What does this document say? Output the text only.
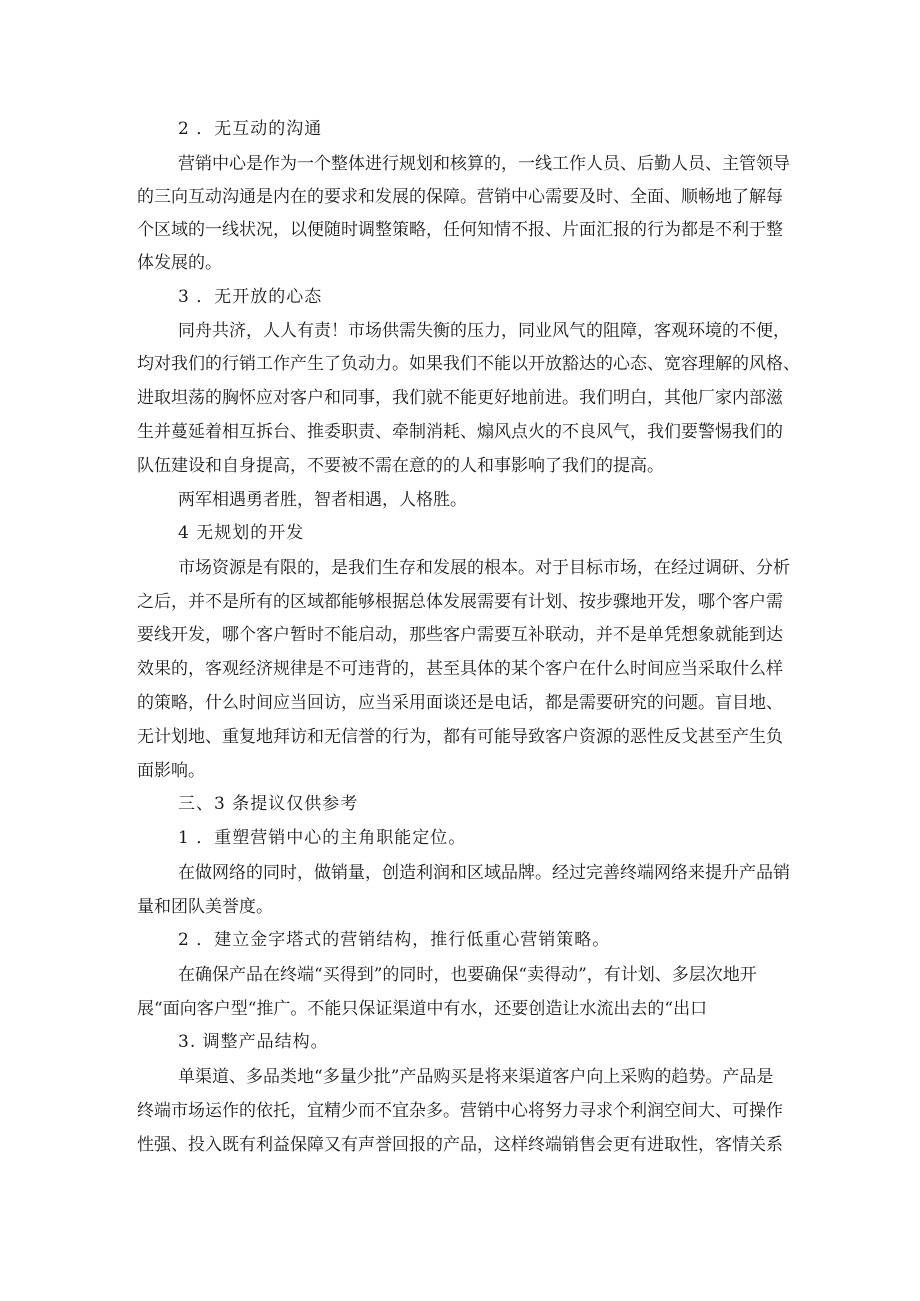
2 ．无互动的沟通
营销中心是作为一个整体进行规划和核算的，一线工作人员、后勤人员、主管领导
的三向互动沟通是内在的要求和发展的保障。营销中心需要及时、全面、顺畅地了解每
个区域的一线状况，以便随时调整策略，任何知情不报、片面汇报的行为都是不利于整
体发展的。
3 ．无开放的心态
同舟共济，人人有责！市场供需失衡的压力，同业风气的阻障，客观环境的不便，
均对我们的行销工作产生了负动力。如果我们不能以开放豁达的心态、宽容理解的风格、
进取坦荡的胸怀应对客户和同事，我们就不能更好地前进。我们明白，其他厂家内部滋
生并蔓延着相互拆台、推委职责、牵制消耗、煽风点火的不良风气，我们要警惕我们的
队伍建设和自身提高，不要被不需在意的的人和事影响了我们的提高。
两军相遇勇者胜，智者相遇，人格胜。
4 无规划的开发
市场资源是有限的，是我们生存和发展的根本。对于目标市场，在经过调研、分析
之后，并不是所有的区域都能够根据总体发展需要有计划、按步骤地开发，哪个客户需
要线开发，哪个客户暂时不能启动，那些客户需要互补联动，并不是单凭想象就能到达
效果的，客观经济规律是不可违背的，甚至具体的某个客户在什么时间应当采取什么样
的策略，什么时间应当回访，应当采用面谈还是电话，都是需要研究的问题。盲目地、
无计划地、重复地拜访和无信誉的行为，都有可能导致客户资源的恶性反戈甚至产生负
面影响。
三、3 条提议仅供参考
1 ．重塑营销中心的主角职能定位。
在做网络的同时，做销量，创造利润和区域品牌。经过完善终端网络来提升产品销
量和团队美誉度。
2 ．建立金字塔式的营销结构，推行低重心营销策略。
在确保产品在终端“买得到”的同时，也要确保“卖得动”，有计划、多层次地开
展“面向客户型“推广。不能只保证渠道中有水，还要创造让水流出去的“出口
3. 调整产品结构。
单渠道、多品类地“多量少批”产品购买是将来渠道客户向上采购的趋势。产品是
终端市场运作的依托，宜精少而不宜杂多。营销中心将努力寻求个利润空间大、可操作
性强、投入既有利益保障又有声誉回报的产品，这样终端销售会更有进取性，客情关系
